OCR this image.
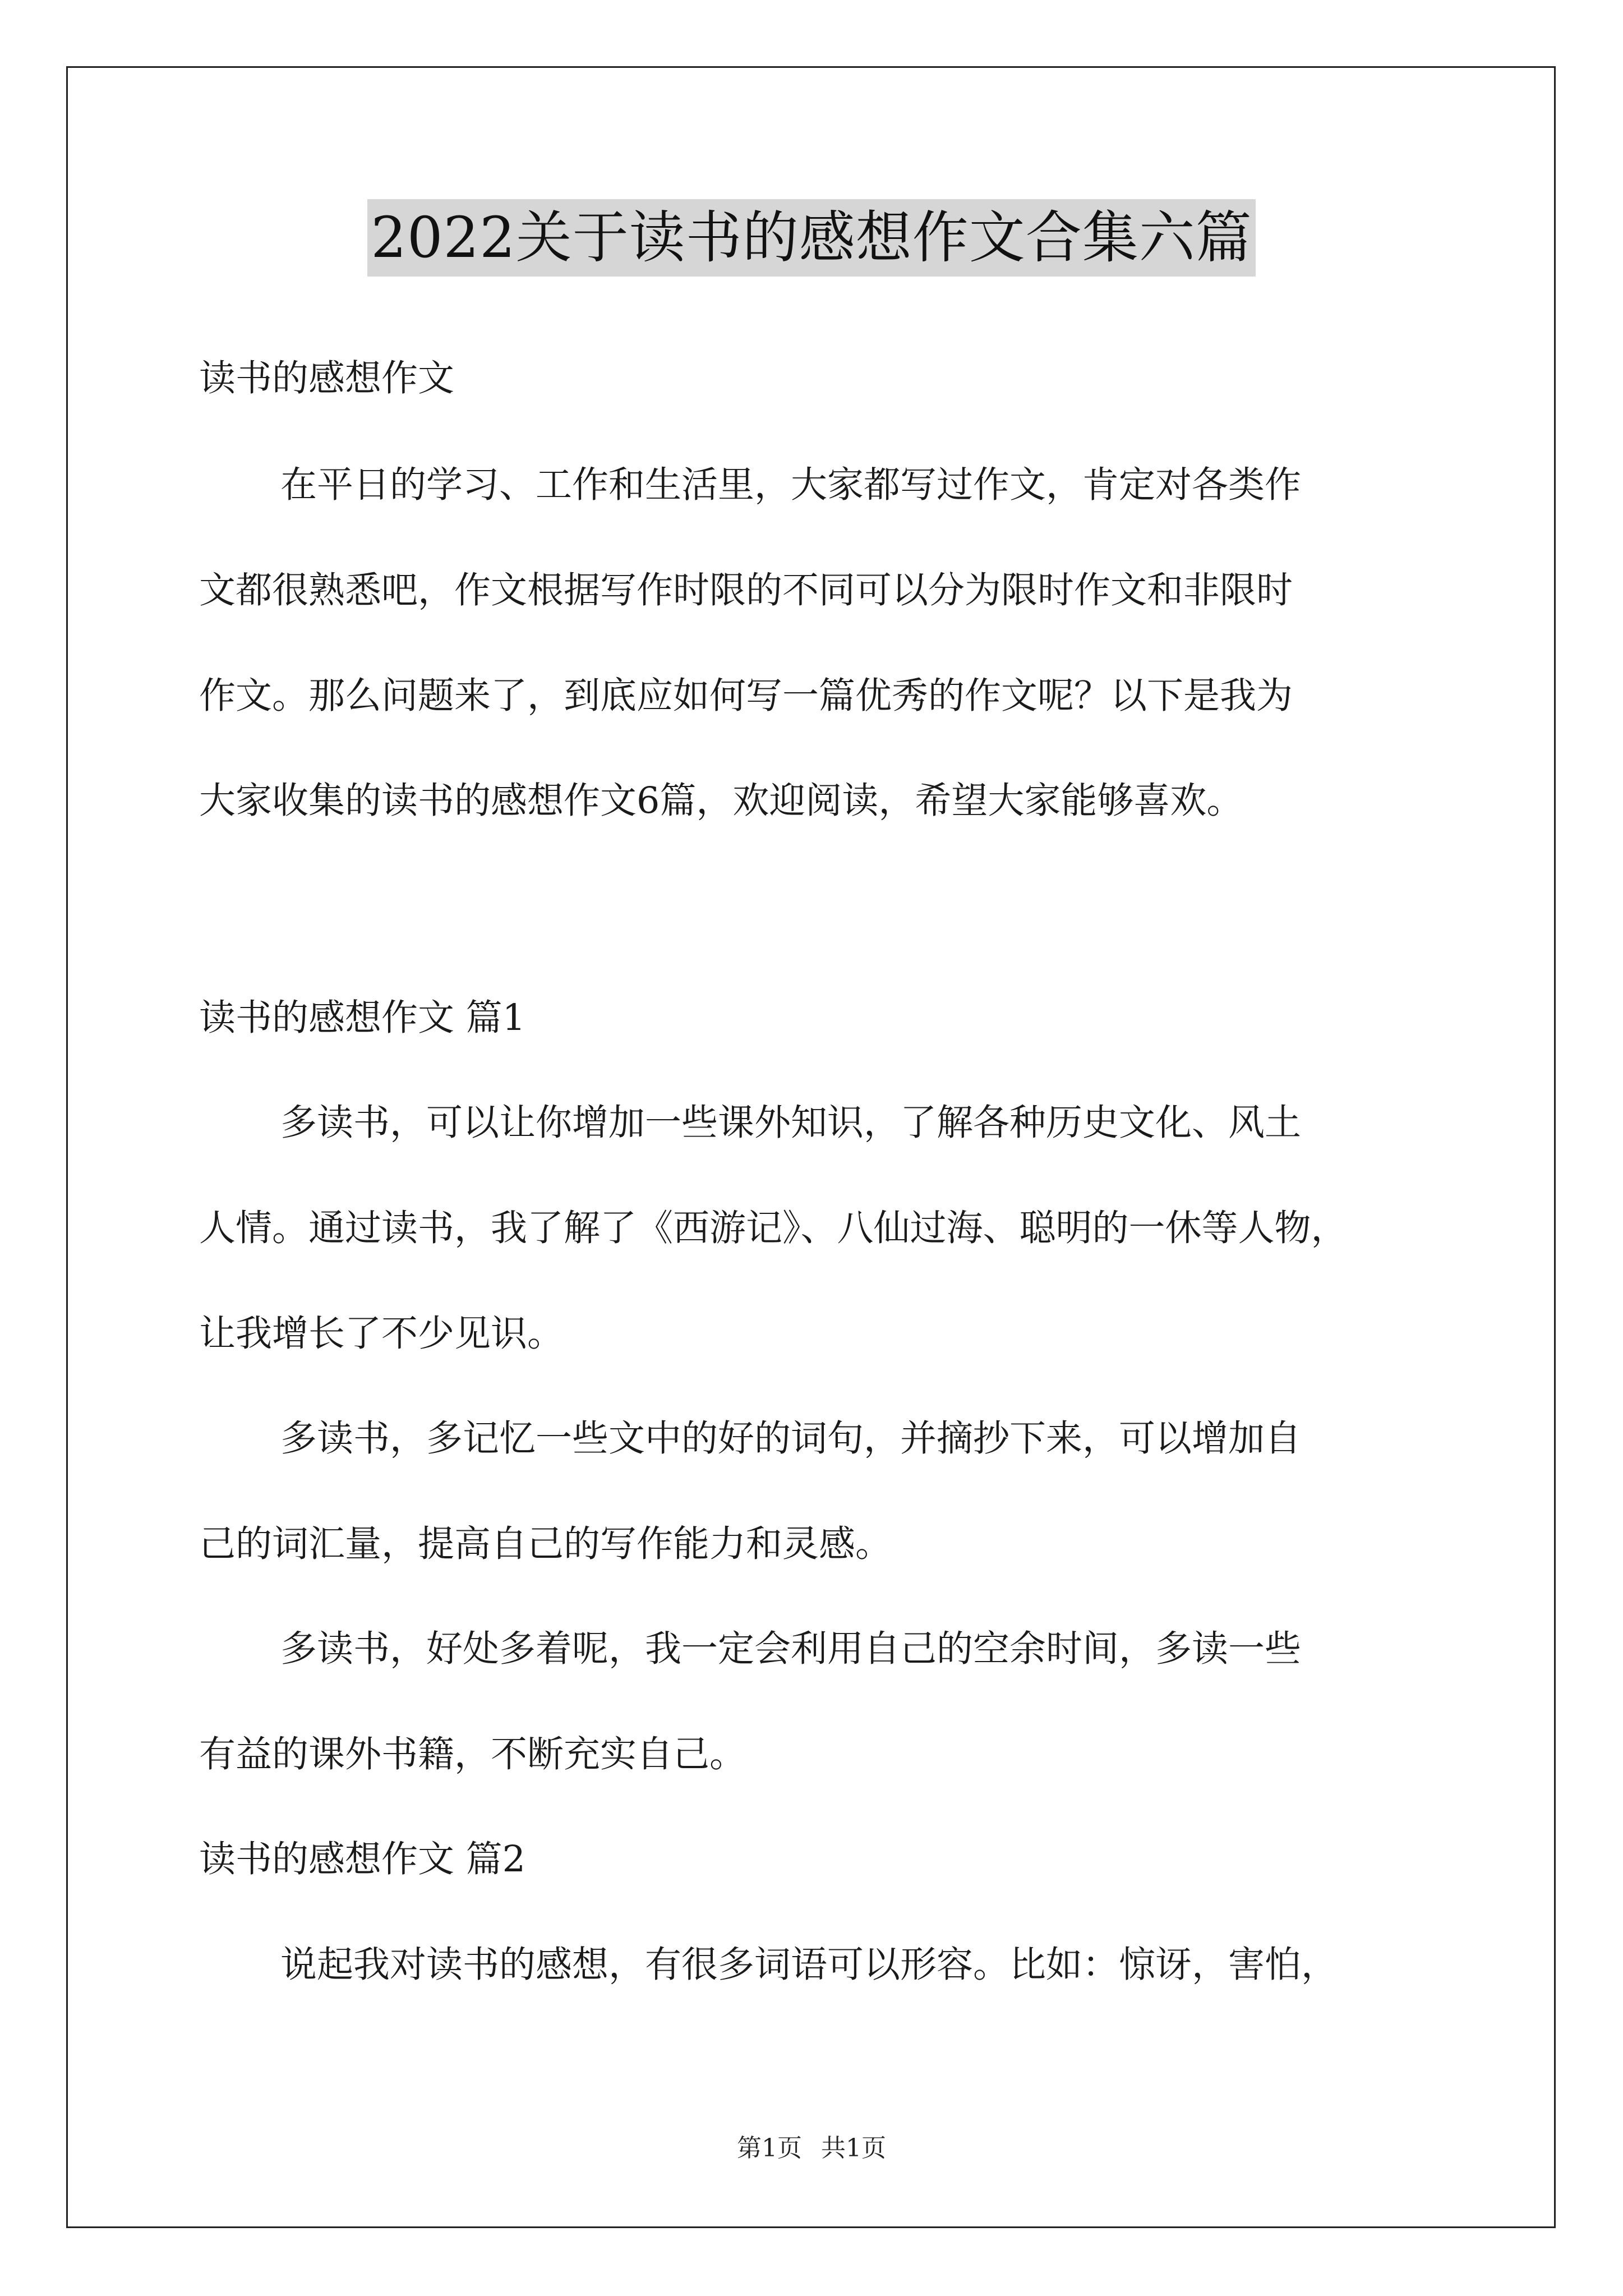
2022关于读书的感想作文合集六篇
读书的感想作文
在平日的学习、工作和生活里，大家都写过作文，肯定对各类作
文都很熟悉吧，作文根据写作时限的不同可以分为限时作文和非限时
作文。那么问题来了，到底应如何写一篇优秀的作文呢？以下是我为
大家收集的读书的感想作文6篇，欢迎阅读，希望大家能够喜欢。
读书的感想作文 篇1
多读书，可以让你增加一些课外知识，了解各种历史文化、风土
人情。通过读书，我了解了《西游记》、八仙过海、聪明的一休等人物，
让我增长了不少见识。
多读书，多记忆一些文中的好的词句，并摘抄下来，可以增加自
己的词汇量，提高自己的写作能力和灵感。
多读书，好处多着呢，我一定会利用自己的空余时间，多读一些
有益的课外书籍，不断充实自己。
读书的感想作文 篇2
说起我对读书的感想，有很多词语可以形容。比如：惊讶，害怕，
第1页 共1页
